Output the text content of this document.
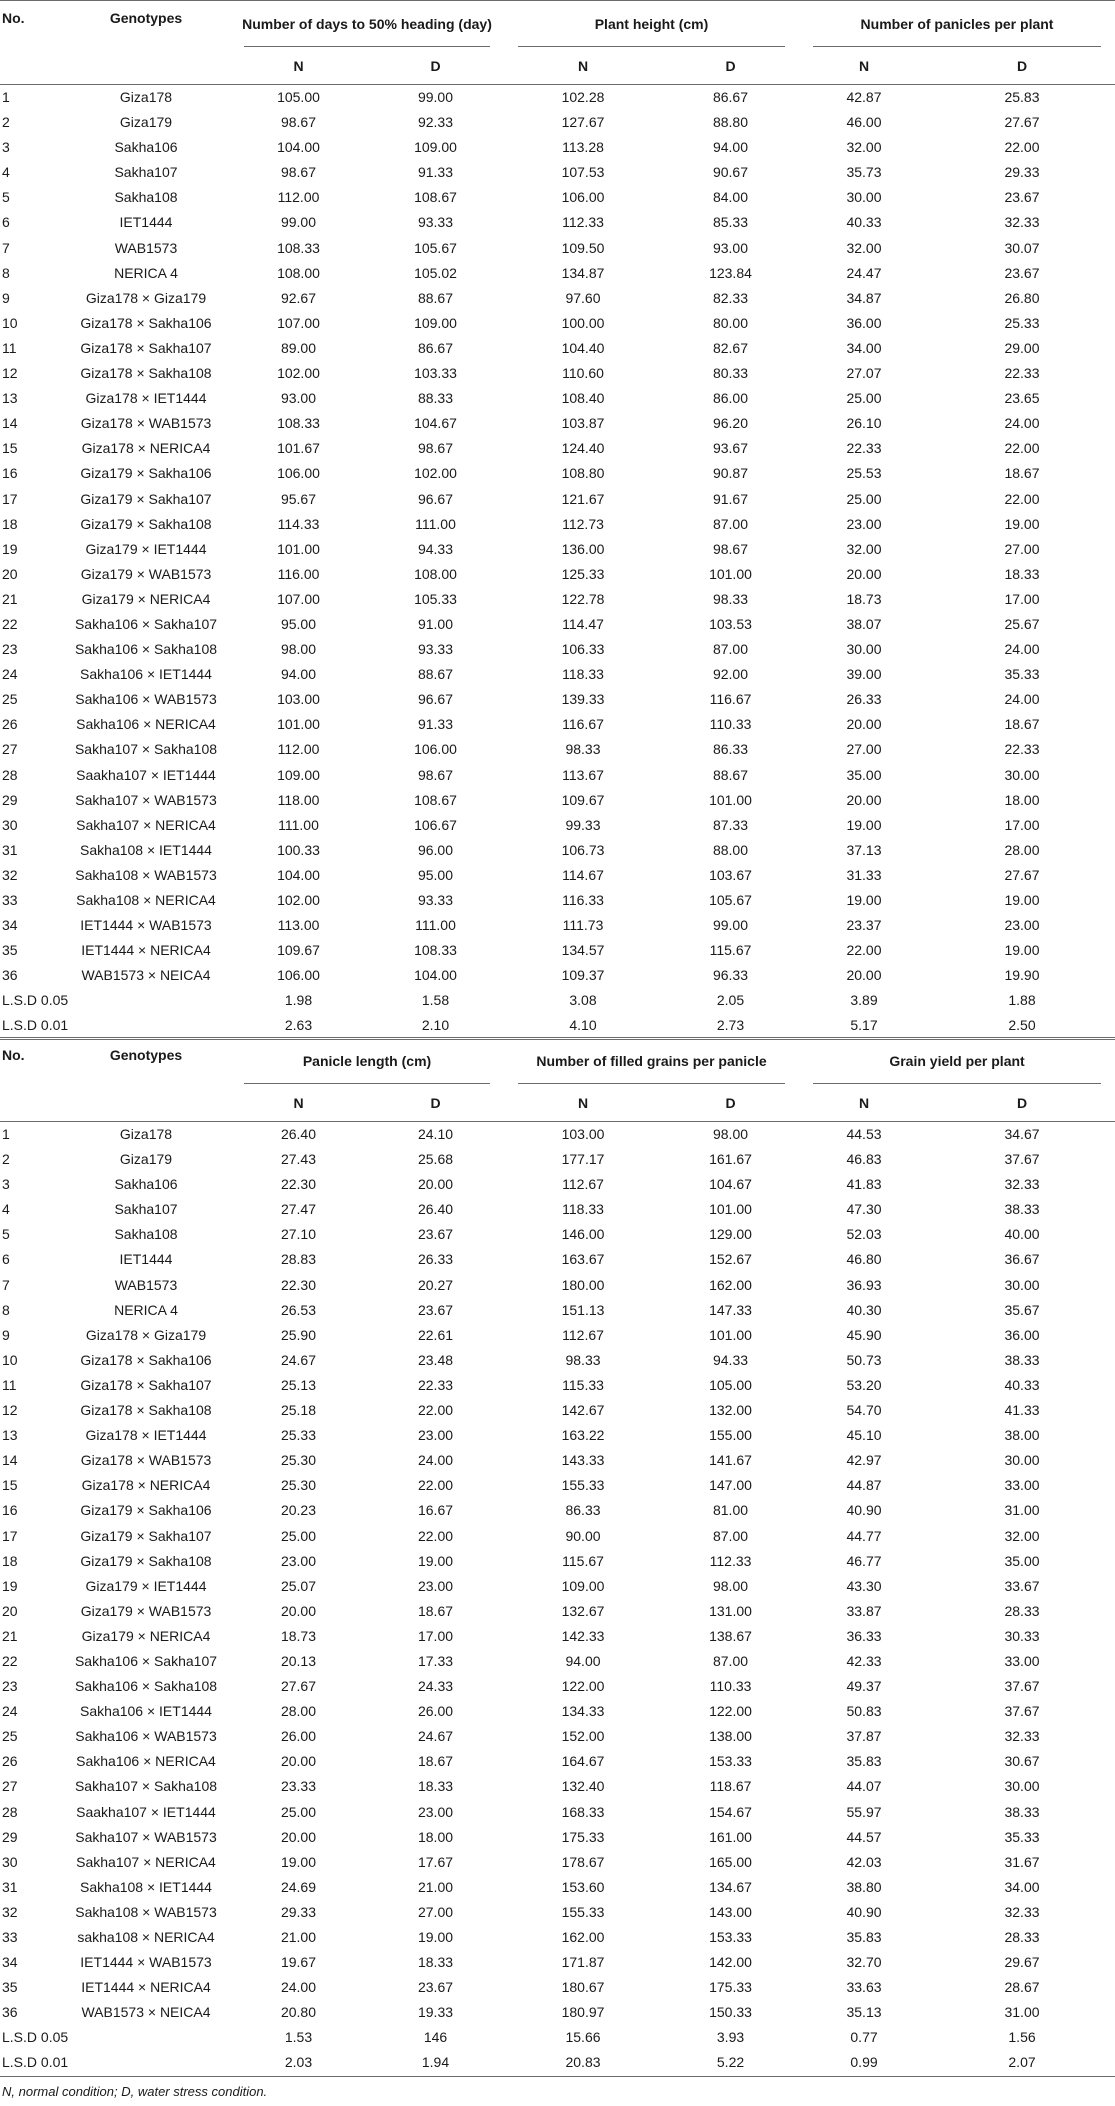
No.	Genotypes	Number of days to 50% heading (day)		Plant height (cm)		Number of panicles per plant	

		N	D	N	D	N	D
1	Giza178	105.00	99.00	102.28	86.67	42.87	25.83
2	Giza179	98.67	92.33	127.67	88.80	46.00	27.67
3	Sakha106	104.00	109.00	113.28	94.00	32.00	22.00
4	Sakha107	98.67	91.33	107.53	90.67	35.73	29.33
5	Sakha108	112.00	108.67	106.00	84.00	30.00	23.67
6	IET1444	99.00	93.33	112.33	85.33	40.33	32.33
7	WAB1573	108.33	105.67	109.50	93.00	32.00	30.07
8	NERICA 4	108.00	105.02	134.87	123.84	24.47	23.67
9	Giza178 × Giza179	92.67	88.67	97.60	82.33	34.87	26.80
10	Giza178 × Sakha106	107.00	109.00	100.00	80.00	36.00	25.33
11	Giza178 × Sakha107	89.00	86.67	104.40	82.67	34.00	29.00
12	Giza178 × Sakha108	102.00	103.33	110.60	80.33	27.07	22.33
13	Giza178 × IET1444	93.00	88.33	108.40	86.00	25.00	23.65
14	Giza178 × WAB1573	108.33	104.67	103.87	96.20	26.10	24.00
15	Giza178 × NERICA4	101.67	98.67	124.40	93.67	22.33	22.00
16	Giza179 × Sakha106	106.00	102.00	108.80	90.87	25.53	18.67
17	Giza179 × Sakha107	95.67	96.67	121.67	91.67	25.00	22.00
18	Giza179 × Sakha108	114.33	111.00	112.73	87.00	23.00	19.00
19	Giza179 × IET1444	101.00	94.33	136.00	98.67	32.00	27.00
20	Giza179 × WAB1573	116.00	108.00	125.33	101.00	20.00	18.33
21	Giza179 × NERICA4	107.00	105.33	122.78	98.33	18.73	17.00
22	Sakha106 × Sakha107	95.00	91.00	114.47	103.53	38.07	25.67
23	Sakha106 × Sakha108	98.00	93.33	106.33	87.00	30.00	24.00
24	Sakha106 × IET1444	94.00	88.67	118.33	92.00	39.00	35.33
25	Sakha106 × WAB1573	103.00	96.67	139.33	116.67	26.33	24.00
26	Sakha106 × NERICA4	101.00	91.33	116.67	110.33	20.00	18.67
27	Sakha107 × Sakha108	112.00	106.00	98.33	86.33	27.00	22.33
28	Saakha107 × IET1444	109.00	98.67	113.67	88.67	35.00	30.00
29	Sakha107 × WAB1573	118.00	108.67	109.67	101.00	20.00	18.00
30	Sakha107 × NERICA4	111.00	106.67	99.33	87.33	19.00	17.00
31	Sakha108 × IET1444	100.33	96.00	106.73	88.00	37.13	28.00
32	Sakha108 × WAB1573	104.00	95.00	114.67	103.67	31.33	27.67
33	Sakha108 × NERICA4	102.00	93.33	116.33	105.67	19.00	19.00
34	IET1444 × WAB1573	113.00	111.00	111.73	99.00	23.37	23.00
35	IET1444 × NERICA4	109.67	108.33	134.57	115.67	22.00	19.00
36	WAB1573 × NEICA4	106.00	104.00	109.37	96.33	20.00	19.90
L.S.D 0.05		1.98	1.58	3.08	2.05	3.89	1.88
L.S.D 0.01		2.63	2.10	4.10	2.73	5.17	2.50
No.	Genotypes	Panicle length (cm)		Number of filled grains per panicle		Grain yield per plant	

		N	D	N	D	N	D
1	Giza178	26.40	24.10	103.00	98.00	44.53	34.67
2	Giza179	27.43	25.68	177.17	161.67	46.83	37.67
3	Sakha106	22.30	20.00	112.67	104.67	41.83	32.33
4	Sakha107	27.47	26.40	118.33	101.00	47.30	38.33
5	Sakha108	27.10	23.67	146.00	129.00	52.03	40.00
6	IET1444	28.83	26.33	163.67	152.67	46.80	36.67
7	WAB1573	22.30	20.27	180.00	162.00	36.93	30.00
8	NERICA 4	26.53	23.67	151.13	147.33	40.30	35.67
9	Giza178 × Giza179	25.90	22.61	112.67	101.00	45.90	36.00
10	Giza178 × Sakha106	24.67	23.48	98.33	94.33	50.73	38.33
11	Giza178 × Sakha107	25.13	22.33	115.33	105.00	53.20	40.33
12	Giza178 × Sakha108	25.18	22.00	142.67	132.00	54.70	41.33
13	Giza178 × IET1444	25.33	23.00	163.22	155.00	45.10	38.00
14	Giza178 × WAB1573	25.30	24.00	143.33	141.67	42.97	30.00
15	Giza178 × NERICA4	25.30	22.00	155.33	147.00	44.87	33.00
16	Giza179 × Sakha106	20.23	16.67	86.33	81.00	40.90	31.00
17	Giza179 × Sakha107	25.00	22.00	90.00	87.00	44.77	32.00
18	Giza179 × Sakha108	23.00	19.00	115.67	112.33	46.77	35.00
19	Giza179 × IET1444	25.07	23.00	109.00	98.00	43.30	33.67
20	Giza179 × WAB1573	20.00	18.67	132.67	131.00	33.87	28.33
21	Giza179 × NERICA4	18.73	17.00	142.33	138.67	36.33	30.33
22	Sakha106 × Sakha107	20.13	17.33	94.00	87.00	42.33	33.00
23	Sakha106 × Sakha108	27.67	24.33	122.00	110.33	49.37	37.67
24	Sakha106 × IET1444	28.00	26.00	134.33	122.00	50.83	37.67
25	Sakha106 × WAB1573	26.00	24.67	152.00	138.00	37.87	32.33
26	Sakha106 × NERICA4	20.00	18.67	164.67	153.33	35.83	30.67
27	Sakha107 × Sakha108	23.33	18.33	132.40	118.67	44.07	30.00
28	Saakha107 × IET1444	25.00	23.00	168.33	154.67	55.97	38.33
29	Sakha107 × WAB1573	20.00	18.00	175.33	161.00	44.57	35.33
30	Sakha107 × NERICA4	19.00	17.67	178.67	165.00	42.03	31.67
31	Sakha108 × IET1444	24.69	21.00	153.60	134.67	38.80	34.00
32	Sakha108 × WAB1573	29.33	27.00	155.33	143.00	40.90	32.33
33	sakha108 × NERICA4	21.00	19.00	162.00	153.33	35.83	28.33
34	IET1444 × WAB1573	19.67	18.33	171.87	142.00	32.70	29.67
35	IET1444 × NERICA4	24.00	23.67	180.67	175.33	33.63	28.67
36	WAB1573 × NEICA4	20.80	19.33	180.97	150.33	35.13	31.00
L.S.D 0.05		1.53	146	15.66	3.93	0.77	1.56
L.S.D 0.01		2.03	1.94	20.83	5.22	0.99	2.07
N, normal condition; D, water stress condition.
